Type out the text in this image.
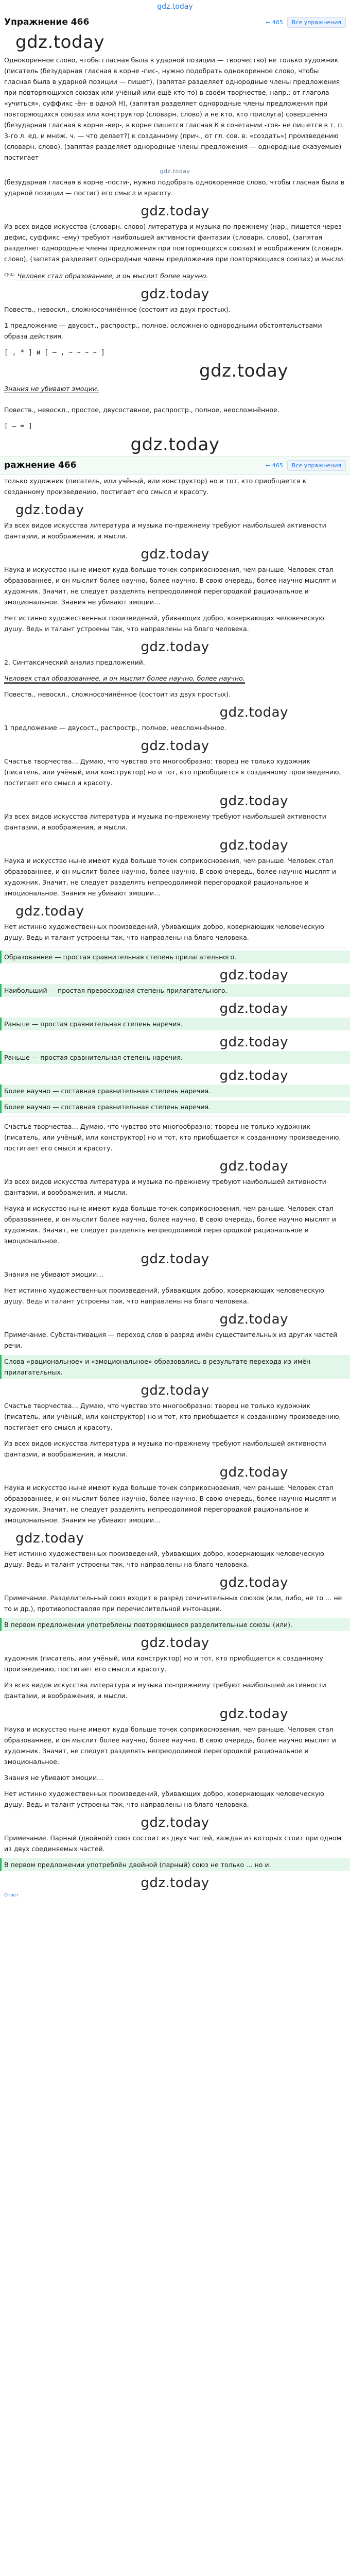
gdz.today
Упражнение 466	← 465	Все упражнения
gdz.today

Однокоренное слово, чтобы гласная была в ударной позиции — творчество) не только художник (писатель (безударная гласная в корне -пис-, нужно подобрать однокоренное слово, чтобы гласная была в ударной позиции — пишет), (запятая разделяет однородные члены предложения при повторяющихся союзах или учёный или ещё кто-то) в своём творчестве, напр.: от глагола «учиться», суффикс -ён- в одной Н), (запятая разделяет однородные члены предложения при повторяющихся союзах или конструктор (словарн. слово) и не кто, кто прислуга) совершенно (безударная гласная в корне -вер-, в корне пишется гласная К в сочетании -тов- не пишется в т. п. 3-го л. ед. и множ. ч. — что делает?) к созданному (прич., от гл. сов. в. «создать») произведению (словарн. слово), (запятая разделяет однородные члены предложения — однородные сказуемые) постигает

gdz.today

(безударная гласная в корне -пости-, нужно подобрать однокоренное слово, чтобы гласная была в ударной позиции — постиг) его смысл и красоту.

gdz.today

Из всех видов искусства (словарн. слово) литература и музыка по-прежнему (нар., пишется через дефис, суффикс -ему) требуют наибольшей активности фантазии (словарн. слово), (запятая разделяет однородные члены предложения при повторяющихся союзах) и воображения (словарн. слово), (запятая разделяет однородные члены предложения при повторяющихся союзах) и мысли.

$^{сущ.}$ Человек стал образованнее, и он мыслит более научно.

gdz.today

Повеств., невоскл., сложносочинённое (состоит из двух простых).

1 предложение — двусост., распростр., полное, осложнено однородными обстоятельствами образа действия.

[ , * ] и [ – , ~ ~ ~ ~ ]
gdz.today

Знания не убивают эмоции.

Повеств., невоскл., простое, двусоставное, распростр., полное, неосложнённое.

[ – = ]
gdz.today
ражнение 466	← 465	Все упражнения

только художник (писатель, или учёный, или конструктор) но и тот, кто приобщается к созданному произведению, постигает его смысл и красоту.

gdz.today

Из всех видов искусства литература и музыка по-прежнему требуют наибольшей активности фантазии, и воображения, и мысли.

gdz.today

Наука и искусство ныне имеют куда больше точек соприкосновения, чем раньше. Человек стал образованнее, и он мыслит более научно, более научно. В свою очередь, более научно мыслят и художник. Значит, не следует разделять непреодолимой перегородкой рациональное и эмоциональное. Знания не убивают эмоции…

Нет истинно художественных произведений, убивающих добро, коверкающих человеческую душу. Ведь и талант устроены так, что направлены на благо человека.

gdz.today

2. Синтаксический анализ предложений.

Человек стал образованнее, и он мыслит более научно, более научно.

Повеств., невоскл., сложносочинённое (состоит из двух простых).

gdz.today

1 предложение — двусост., распростр., полное, неосложнённое.

gdz.today

Счастье творчества… Думаю, что чувство это многообразно: творец не только художник (писатель, или учёный, или конструктор) но и тот, кто приобщается к созданному произведению, постигает его смысл и красоту.

gdz.today

Из всех видов искусства литература и музыка по-прежнему требуют наибольшей активности фантазии, и воображения, и мысли.

gdz.today

Наука и искусство ныне имеют куда больше точек соприкосновения, чем раньше. Человек стал образованнее, и он мыслит более научно, более научно. В свою очередь, более научно мыслят и художник. Значит, не следует разделять непреодолимой перегородкой рациональное и эмоциональное. Знания не убивают эмоции…

gdz.today

Нет истинно художественных произведений, убивающих добро, коверкающих человеческую душу. Ведь и талант устроены так, что направлены на благо человека.

Образованнее — простая сравнительная степень прилагательного.

gdz.today

Наибольший — простая превосходная степень прилагательного.

gdz.today

Раньше — простая сравнительная степень наречия.

gdz.today

Раньше — простая сравнительная степень наречия.

gdz.today

Более научно — составная сравнительная степень наречия.

Более научно — составная сравнительная степень наречия.

Счастье творчества… Думаю, что чувство это многообразно: творец не только художник (писатель, или учёный, или конструктор) но и тот, кто приобщается к созданному произведению, постигает его смысл и красоту.

gdz.today

Из всех видов искусства литература и музыка по-прежнему требуют наибольшей активности фантазии, и воображения, и мысли.

Наука и искусство ныне имеют куда больше точек соприкосновения, чем раньше. Человек стал образованнее, и он мыслит более научно, более научно. В свою очередь, более научно мыслят и художник. Значит, не следует разделять непреодолимой перегородкой рациональное и эмоциональное.

gdz.today

Знания не убивают эмоции…

Нет истинно художественных произведений, убивающих добро, коверкающих человеческую душу. Ведь и талант устроены так, что направлены на благо человека.

gdz.today

Примечание. Субстантивация — переход слов в разряд имён существительных из других частей речи.

Слова «рациональное» и «эмоциональное» образовались в результате перехода из имён прилагательных.

gdz.today

Счастье творчества… Думаю, что чувство это многообразно: творец не только художник (писатель, или учёный, или конструктор) но и тот, кто приобщается к созданному произведению, постигает его смысл и красоту.

Из всех видов искусства литература и музыка по-прежнему требуют наибольшей активности фантазии, и воображения, и мысли.

gdz.today

Наука и искусство ныне имеют куда больше точек соприкосновения, чем раньше. Человек стал образованнее, и он мыслит более научно, более научно. В свою очередь, более научно мыслят и художник. Значит, не следует разделять непреодолимой перегородкой рациональное и эмоциональное. Знания не убивают эмоции…

gdz.today

Нет истинно художественных произведений, убивающих добро, коверкающих человеческую душу. Ведь и талант устроены так, что направлены на благо человека.

gdz.today

Примечание. Разделительный союз входит в разряд сочинительных союзов (или, либо, не то … не то и др.), противопоставляя при перечислительной интонации.

В первом предложении употреблены повторяющиеся разделительные союзы (или).

gdz.today

художник (писатель, или учёный, или конструктор) но и тот, кто приобщается к созданному произведению, постигает его смысл и красоту.

Из всех видов искусства литература и музыка по-прежнему требуют наибольшей активности фантазии, и воображения, и мысли.

gdz.today

Наука и искусство ныне имеют куда больше точек соприкосновения, чем раньше. Человек стал образованнее, и он мыслит более научно, более научно. В свою очередь, более научно мыслят и художник. Значит, не следует разделять непреодолимой перегородкой рациональное и эмоциональное.

Знания не убивают эмоции…

Нет истинно художественных произведений, убивающих добро, коверкающих человеческую душу. Ведь и талант устроены так, что направлены на благо человека.

gdz.today

Примечание. Парный (двойной) союз состоит из двух частей, каждая из которых стоит при одном из двух соединяемых частей.

В первом предложении употреблён двойной (парный) союз не только … но и.

gdz.today
Ответ
